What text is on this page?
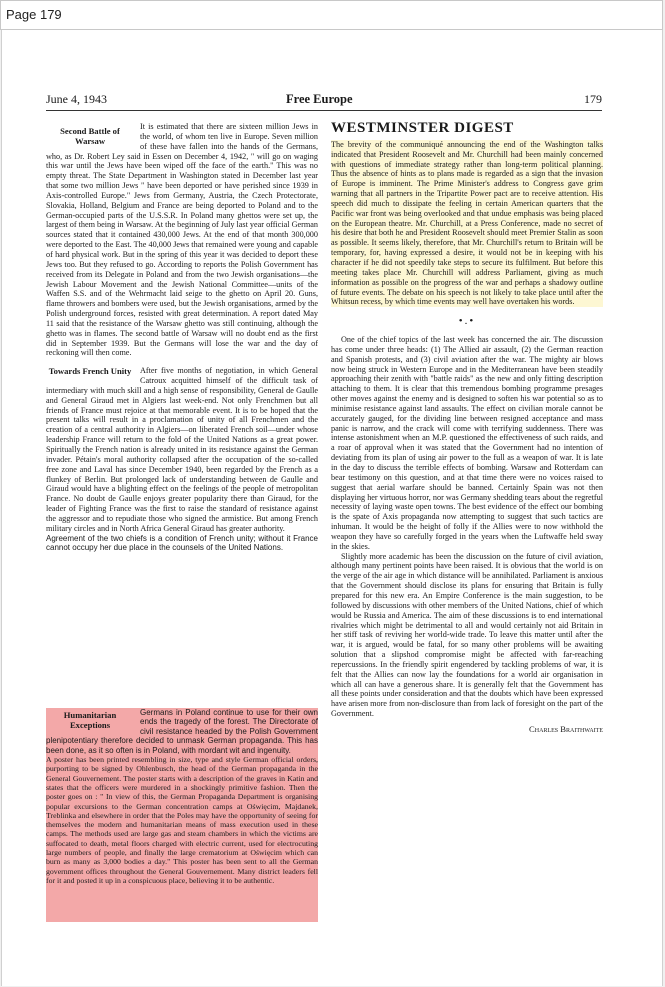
Page 179
June 4, 1943	Free Europe	179
Second Battle of Warsaw

It is estimated that there are sixteen million Jews in the world, of whom ten live in Europe. Seven million of these have fallen into the hands of the Germans, who, as Dr. Robert Ley said in Essen on December 4, 1942, " will go on waging this war until the Jews have been wiped off the face of the earth." This was no empty threat. The State Department in Washington stated in December last year that some two million Jews " have been deported or have perished since 1939 in Axis-controlled Europe." Jews from Germany, Austria, the Czech Protectorate, Slovakia, Holland, Belgium and France are being deported to Poland and to the German-occupied parts of the U.S.S.R. In Poland many ghettos were set up, the largest of them being in Warsaw. At the beginning of July last year official German sources stated that it contained 430,000 Jews. At the end of that month 300,000 were deported to the East. The 40,000 Jews that remained were young and capable of hard physical work. But in the spring of this year it was decided to deport these Jews too. But they refused to go. According to reports the Polish Government has received from its Delegate in Poland and from the two Jewish organisations—the Jewish Labour Movement and the Jewish National Committee—units of the Waffen S.S. and of the Wehrmacht laid seige to the ghetto on April 20. Guns, flame throwers and bombers were used, but the Jewish organisations, armed by the Polish underground forces, resisted with great determination. A report dated May 11 said that the resistance of the Warsaw ghetto was still continuing, although the ghetto was in flames. The second battle of Warsaw will no doubt end as the first did in September 1939. But the Germans will lose the war and the day of reckoning will then come.

Towards French Unity	After five months of negotiation, in which General Catroux acquitted himself of the difficult task of intermediary with much skill and a high sense of responsibility, General de Gaulle and General Giraud met in Algiers last week-end. Not only Frenchmen but all friends of France must rejoice at that memorable event. It is to be hoped that the present talks will result in a proclamation of unity of all Frenchmen and the creation of a central authority in Algiers—on liberated French soil—under whose leadership France will return to the fold of the United Nations as a great power. Spiritually the French nation is already united in its resistance against the German invader. Pétain's moral authority collapsed after the occupation of the so-called free zone and Laval has since December 1940, been regarded by the French as a flunkey of Berlin. But prolonged lack of understanding between de Gaulle and Giraud would have a blighting effect on the feelings of the people of metropolitan France. No doubt de Gaulle enjoys greater popularity there than Giraud, for the leader of Fighting France was the first to raise the standard of resistance against the aggressor and to repudiate those who signed the armistice. But among French military circles and in North Africa General Giraud has greater authority.

Agreement of the two chiefs is a condition of French unity; without it France cannot occupy her due place in the counsels of the United Nations.

Humanitarian Exceptions

Germans in Poland continue to use for their own ends the tragedy of the forest. The Directorate of civil resistance headed by the Polish Government plenipotentiary therefore decided to unmask German propaganda. This has been done, as it so often is in Poland, with mordant wit and ingenuity.

A poster has been printed resembling in size, type and style German official orders, purporting to be signed by Ohlenbusch, the head of the German propaganda in the General Gouvernement. The poster starts with a description of the graves in Katin and states that the officers were murdered in a shockingly primitive fashion. Then the poster goes on : " In view of this, the German Propaganda Department is organising popular excursions to the German concentration camps at Oświęcim, Majdanek, Treblinka and elsewhere in order that the Poles may have the opportunity of seeing for themselves the modern and humanitarian means of mass execution used in these camps. The methods used are large gas and steam chambers in which the victims are suffocated to death, metal floors charged with electric current, used for electrocuting large numbers of people, and finally the large crematorium at Oświęcim which can burn as many as 3,000 bodies a day." This poster has been sent to all the German government offices throughout the General Gouvernement. Many district leaders fell for it and posted it up in a conspicuous place, believing it to be authentic.

WESTMINSTER DIGEST

The brevity of the communiqué announcing the end of the Washington talks indicated that President Roosevelt and Mr. Churchill had been mainly concerned with questions of immediate strategy rather than long-term political planning. Thus the absence of hints as to plans made is regarded as a sign that the invasion of Europe is imminent. The Prime Minister's address to Congress gave grim warning that all partners in the Tripartite Power pact are to receive attention. His speech did much to dissipate the feeling in certain American quarters that the Pacific war front was being overlooked and that undue emphasis was being placed on the European theatre. Mr. Churchill, at a Press Conference, made no secret of his desire that both he and President Roosevelt should meet Premier Stalin as soon as possible. It seems likely, therefore, that Mr. Churchill's return to Britain will be temporary, for, having expressed a desire, it would not be in keeping with his character if he did not speedily take steps to secure its fulfilment. But before this meeting takes place Mr. Churchill will address Parliament, giving as much information as possible on the progress of the war and perhaps a shadowy outline of future events. The debate on his speech is not likely to take place until after the Whitsun recess, by which time events may well have overtaken his words.

•.•

One of the chief topics of the last week has concerned the air. The discussion has come under three heads: (1) The Allied air assault, (2) the German reaction and Spanish protests, and (3) civil aviation after the war. The mighty air blows now being struck in Western Europe and in the Mediterranean have been steadily approaching their zenith with "battle raids" as the new and only fitting description attaching to them. It is clear that this tremendous bombing programme presages other moves against the enemy and is designed to soften his war potential so as to minimise resistance against land assaults. The effect on civilian morale cannot be accurately gauged, for the dividing line between resigned acceptance and mass panic is narrow, and the crack will come with terrifying suddenness. There was intense astonishment when an M.P. questioned the effectiveness of such raids, and a roar of approval when it was stated that the Government had no intention of deviating from its plan of using air power to the full as a weapon of war. It is late in the day to discuss the terrible effects of bombing. Warsaw and Rotterdam can bear testimony on this question, and at that time there were no voices raised to suggest that aerial warfare should be banned. Certainly Spain was not then displaying her virtuous horror, nor was Germany shedding tears about the regretful necessity of laying waste open towns. The best evidence of the effect our bombing is the spate of Axis propaganda now attempting to suggest that such tactics are inhuman. It would be the height of folly if the Allies were to now withhold the weapon they have so carefully forged in the years when the Luftwaffe held sway in the skies.

Slightly more academic has been the discussion on the future of civil aviation, although many pertinent points have been raised. It is obvious that the world is on the verge of the air age in which distance will be annihilated. Parliament is anxious that the Government should disclose its plans for ensuring that Britain is fully prepared for this new era. An Empire Conference is the main suggestion, to be followed by discussions with other members of the United Nations, chief of which would be Russia and America. The aim of these discussions is to end international rivalries which might be detrimental to all and would certainly not aid Britain in her stiff task of reviving her world-wide trade. To leave this matter until after the war, it is argued, would be fatal, for so many other problems will be awaiting solution that a slipshod compromise might be affected with far-reaching repercussions. In the friendly spirit engendered by tackling problems of war, it is felt that the Allies can now lay the foundations for a world air organisation in which all can have a generous share. It is generally felt that the Government has all these points under consideration and that the doubts which have been expressed have arisen more from non-disclosure than from lack of foresight on the part of the Government.

Charles Braithwaite
